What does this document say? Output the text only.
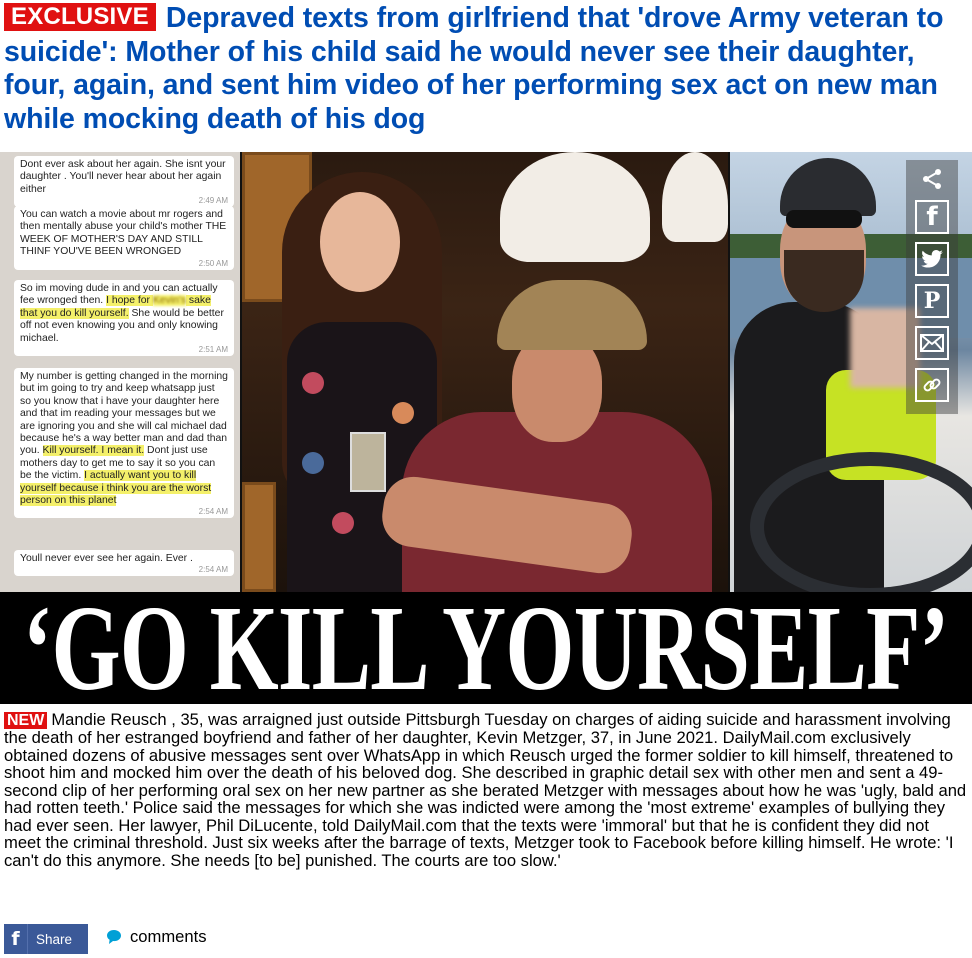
EXCLUSIVE Depraved texts from girlfriend that 'drove Army veteran to suicide': Mother of his child said he would never see their daughter, four, again, and sent him video of her performing sex act on new man while mocking death of his dog
Dont ever ask about her again. She isnt your daughter . You'll never hear about her again either
2:49 AM
You can watch a movie about mr rogers and then mentally abuse your child's mother THE WEEK OF MOTHER'S DAY AND STILL THINF YOU'VE BEEN WRONGED
2:50 AM
So im moving dude in and you can actually fee wronged then. I hope for Kevin's sake that you do kill yourself. She would be better off not even knowing you and only knowing michael.
2:51 AM
My number is getting changed in the morning but im going to try and keep whatsapp just so you know that i have your daughter here and that im reading your messages but we are ignoring you and she will cal michael dad because he's a way better man and dad than you. Kill yourself. I mean it. Dont just use mothers day to get me to say it so you can be the victim. I actually want you to kill yourself because i think you are the worst person on this planet
2:54 AM
Youll never ever see her again. Ever .
2:54 AM
f
P
‘GO KILL YOURSELF’

NEW Mandie Reusch , 35, was arraigned just outside Pittsburgh Tuesday on charges of aiding suicide and harassment involving the death of her estranged boyfriend and father of her daughter, Kevin Metzger, 37, in June 2021. DailyMail.com exclusively obtained dozens of abusive messages sent over WhatsApp in which Reusch urged the former soldier to kill himself, threatened to shoot him and mocked him over the death of his beloved dog. She described in graphic detail sex with other men and sent a 49-second clip of her performing oral sex on her new partner as she berated Metzger with messages about how he was 'ugly, bald and had rotten teeth.' Police said the messages for which she was indicted were among the 'most extreme' examples of bullying they had ever seen. Her lawyer, Phil DiLucente, told DailyMail.com that the texts were 'immoral' but that he is confident they did not meet the criminal threshold. Just six weeks after the barrage of texts, Metzger took to Facebook before killing himself. He wrote: 'I can't do this anymore. She needs [to be] punished. The courts are too slow.'

f	Share	comments
